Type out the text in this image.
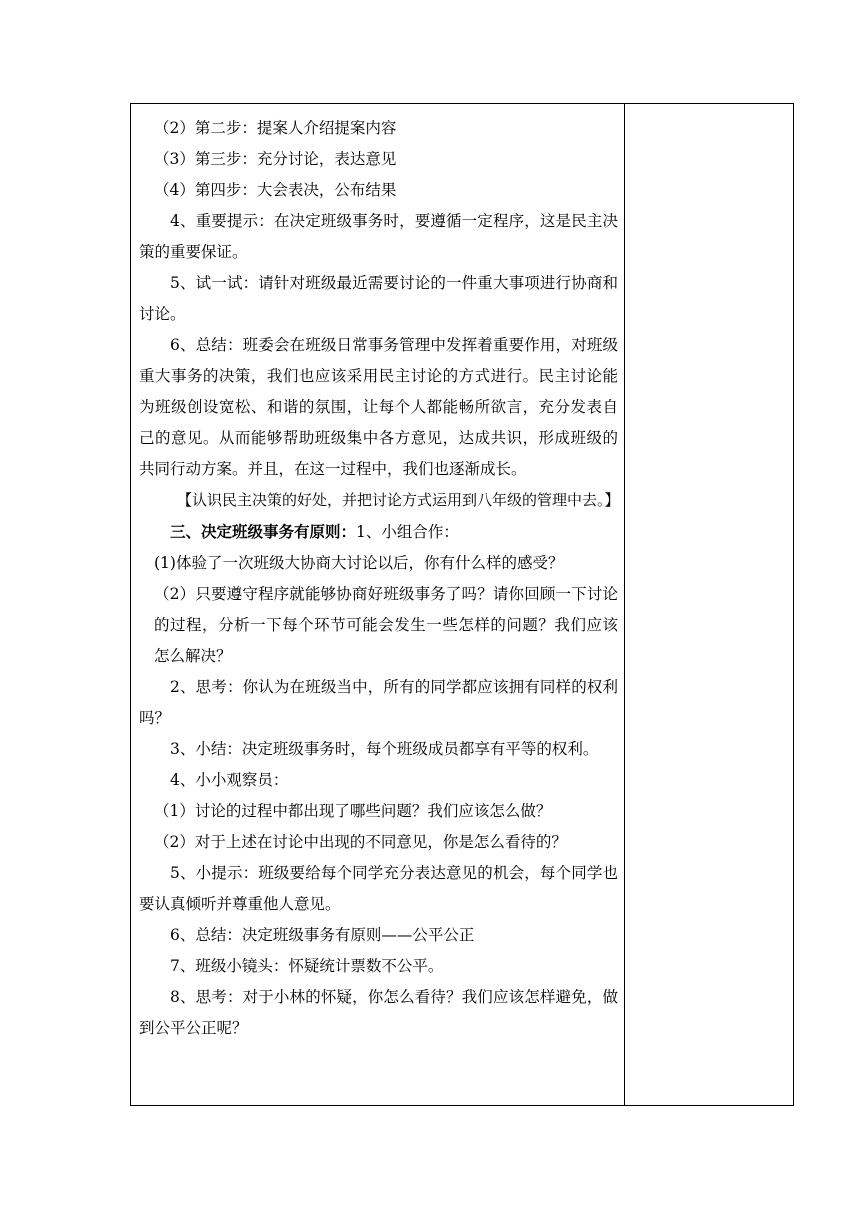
（2）第二步：提案人介绍提案内容

（3）第三步：充分讨论，表达意见

（4）第四步：大会表决，公布结果

4、重要提示：在决定班级事务时，要遵循一定程序，这是民主决策的重要保证。

5、试一试：请针对班级最近需要讨论的一件重大事项进行协商和讨论。

6、总结：班委会在班级日常事务管理中发挥着重要作用，对班级重大事务的决策，我们也应该采用民主讨论的方式进行。民主讨论能为班级创设宽松、和谐的氛围，让每个人都能畅所欲言，充分发表自己的意见。从而能够帮助班级集中各方意见，达成共识，形成班级的共同行动方案。并且，在这一过程中，我们也逐渐成长。

【认识民主决策的好处，并把讨论方式运用到八年级的管理中去。】

三、决定班级事务有原则：1、小组合作：

(1)体验了一次班级大协商大讨论以后，你有什么样的感受？

（2）只要遵守程序就能够协商好班级事务了吗？请你回顾一下讨论的过程，分析一下每个环节可能会发生一些怎样的问题？我们应该怎么解决？

2、思考：你认为在班级当中，所有的同学都应该拥有同样的权利吗？

3、小结：决定班级事务时，每个班级成员都享有平等的权利。

4、小小观察员：

（1）讨论的过程中都出现了哪些问题？我们应该怎么做？

（2）对于上述在讨论中出现的不同意见，你是怎么看待的？

5、小提示：班级要给每个同学充分表达意见的机会，每个同学也要认真倾听并尊重他人意见。

6、总结：决定班级事务有原则——公平公正

7、班级小镜头：怀疑统计票数不公平。

8、思考：对于小林的怀疑，你怎么看待？我们应该怎样避免，做到公平公正呢？
